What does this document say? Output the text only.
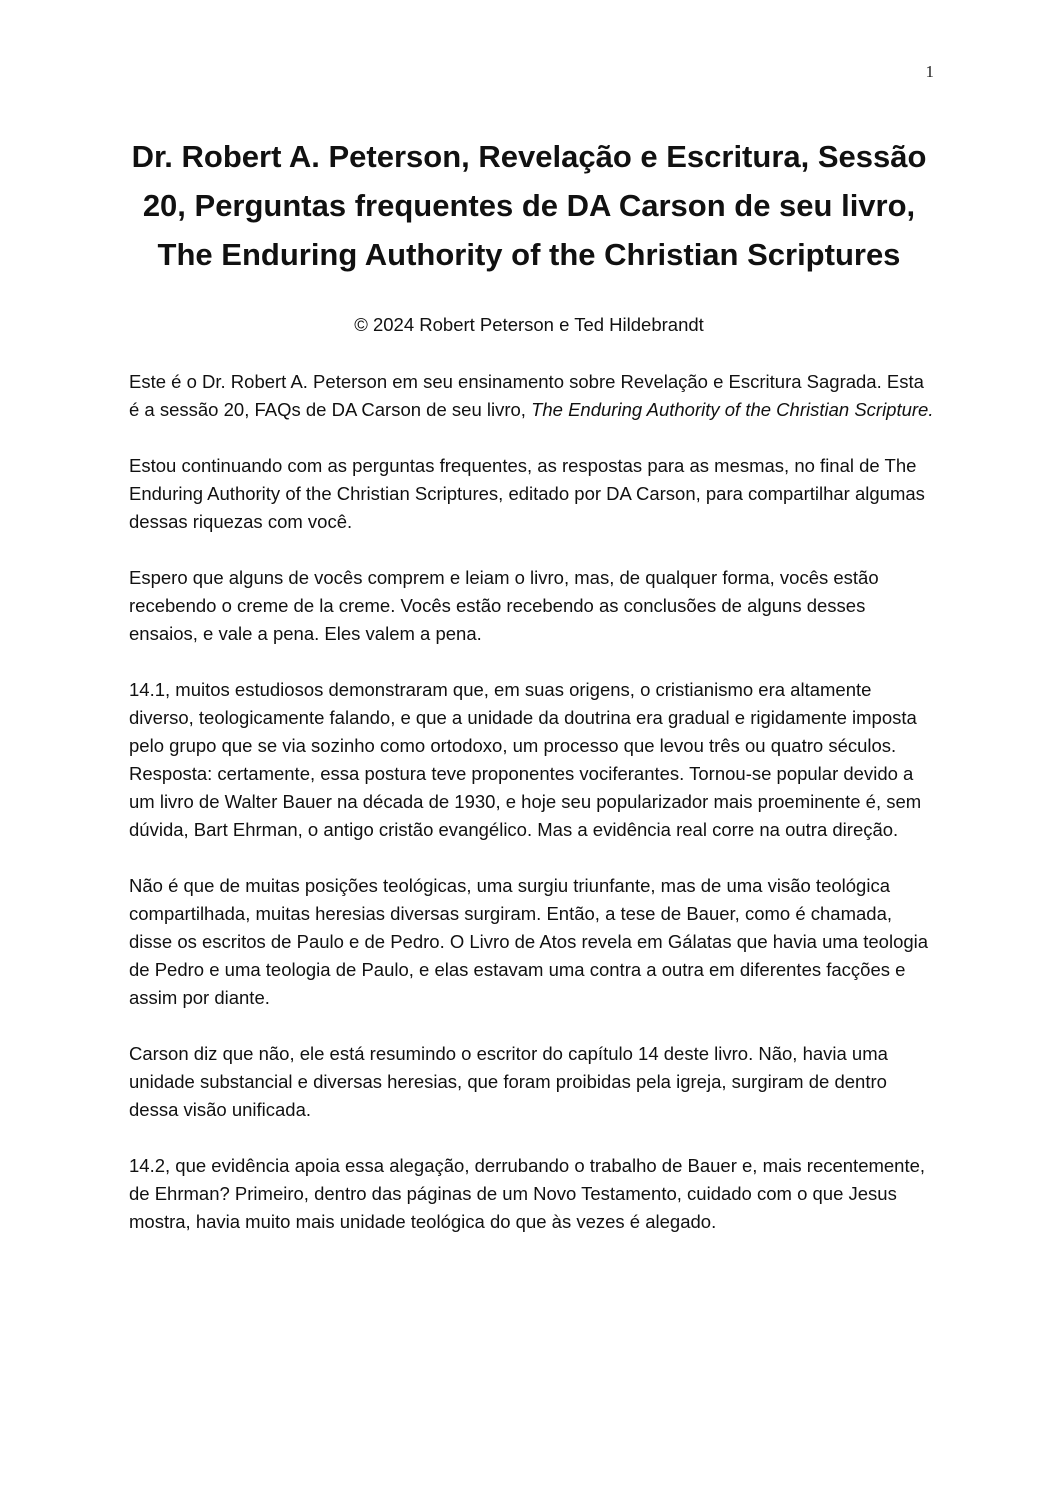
1
Dr. Robert A. Peterson, Revelação e Escritura, Sessão 20, Perguntas frequentes de DA Carson de seu livro, The Enduring Authority of the Christian Scriptures
© 2024 Robert Peterson e Ted Hildebrandt

Este é o Dr. Robert A. Peterson em seu ensinamento sobre Revelação e Escritura Sagrada. Esta é a sessão 20, FAQs de DA Carson de seu livro, The Enduring Authority of the Christian Scripture.

Estou continuando com as perguntas frequentes, as respostas para as mesmas, no final de The Enduring Authority of the Christian Scriptures, editado por DA Carson, para compartilhar algumas dessas riquezas com você.

Espero que alguns de vocês comprem e leiam o livro, mas, de qualquer forma, vocês estão recebendo o creme de la creme. Vocês estão recebendo as conclusões de alguns desses ensaios, e vale a pena. Eles valem a pena.

14.1, muitos estudiosos demonstraram que, em suas origens, o cristianismo era altamente diverso, teologicamente falando, e que a unidade da doutrina era gradual e rigidamente imposta pelo grupo que se via sozinho como ortodoxo, um processo que levou três ou quatro séculos. Resposta: certamente, essa postura teve proponentes vociferantes. Tornou-se popular devido a um livro de Walter Bauer na década de 1930, e hoje seu popularizador mais proeminente é, sem dúvida, Bart Ehrman, o antigo cristão evangélico. Mas a evidência real corre na outra direção.

Não é que de muitas posições teológicas, uma surgiu triunfante, mas de uma visão teológica compartilhada, muitas heresias diversas surgiram. Então, a tese de Bauer, como é chamada, disse os escritos de Paulo e de Pedro. O Livro de Atos revela em Gálatas que havia uma teologia de Pedro e uma teologia de Paulo, e elas estavam uma contra a outra em diferentes facções e assim por diante.

Carson diz que não, ele está resumindo o escritor do capítulo 14 deste livro. Não, havia uma unidade substancial e diversas heresias, que foram proibidas pela igreja, surgiram de dentro dessa visão unificada.

14.2, que evidência apoia essa alegação, derrubando o trabalho de Bauer e, mais recentemente, de Ehrman? Primeiro, dentro das páginas de um Novo Testamento, cuidado com o que Jesus mostra, havia muito mais unidade teológica do que às vezes é alegado.
